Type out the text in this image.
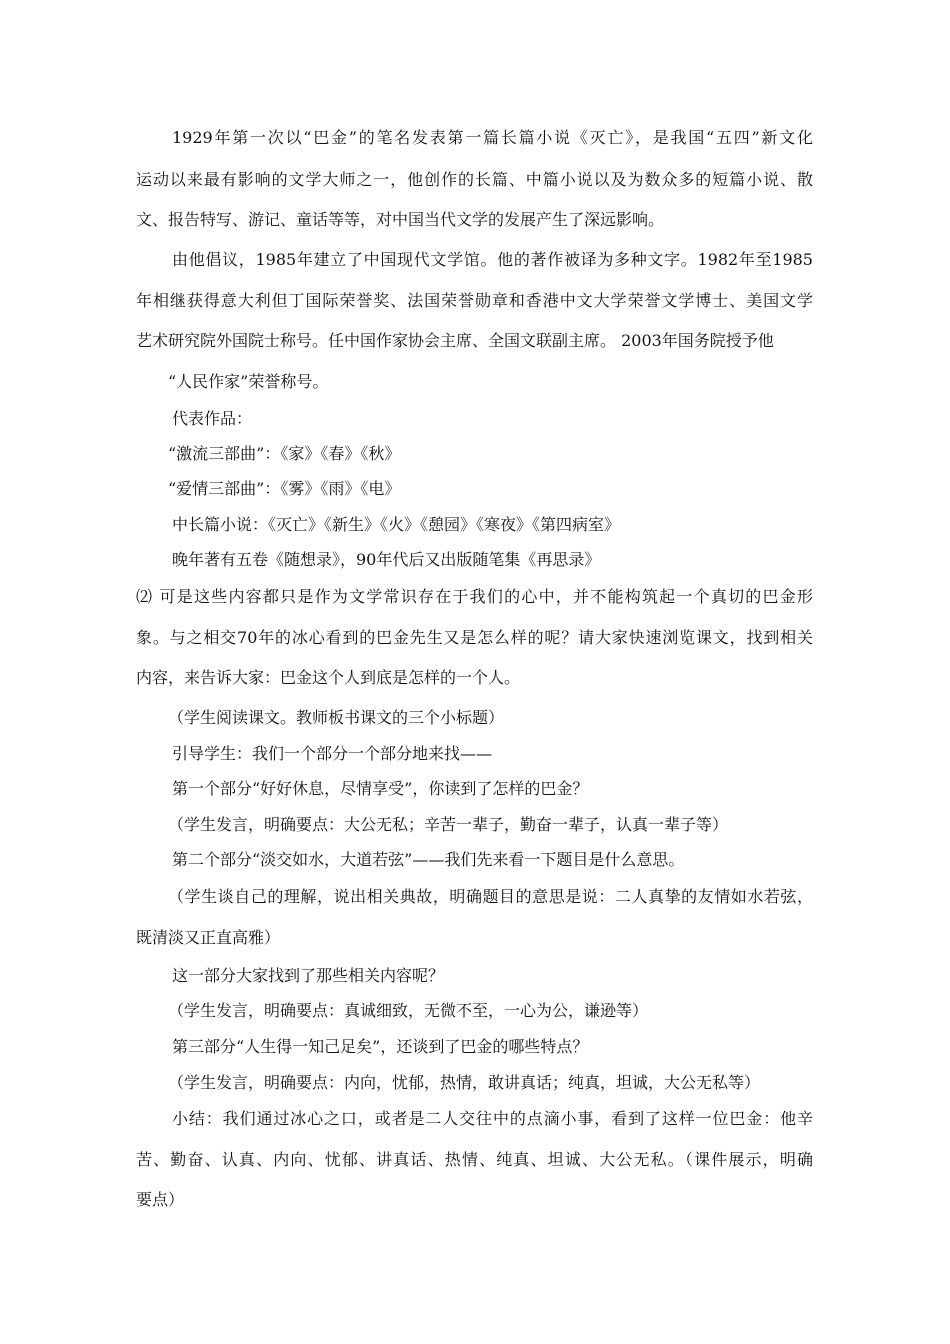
1929年第一次以“巴金”的笔名发表第一篇长篇小说《灭亡》，是我国“五四”新文化
运动以来最有影响的文学大师之一，他创作的长篇、中篇小说以及为数众多的短篇小说、散
文、报告特写、游记、童话等等，对中国当代文学的发展产生了深远影响。
由他倡议，1985年建立了中国现代文学馆。他的著作被译为多种文字。1982年至1985
年相继获得意大利但丁国际荣誉奖、法国荣誉勋章和香港中文大学荣誉文学博士、美国文学
艺术研究院外国院士称号。任中国作家协会主席、全国文联副主席。 2003年国务院授予他
“人民作家”荣誉称号。
代表作品：
“激流三部曲”：《家》《春》《秋》
“爱情三部曲”：《雾》《雨》《电》
中长篇小说：《灭亡》《新生》《火》《憩园》《寒夜》《第四病室》
晚年著有五卷《随想录》，90年代后又出版随笔集《再思录》
⑵ 可是这些内容都只是作为文学常识存在于我们的心中，并不能构筑起一个真切的巴金形
象。与之相交70年的冰心看到的巴金先生又是怎么样的呢？请大家快速浏览课文，找到相关
内容，来告诉大家：巴金这个人到底是怎样的一个人。
（学生阅读课文。教师板书课文的三个小标题）
引导学生：我们一个部分一个部分地来找——
第一个部分“好好休息，尽情享受”，你读到了怎样的巴金？
（学生发言，明确要点：大公无私；辛苦一辈子，勤奋一辈子，认真一辈子等）
第二个部分“淡交如水，大道若弦”——我们先来看一下题目是什么意思。
（学生谈自己的理解，说出相关典故，明确题目的意思是说：二人真挚的友情如水若弦，
既清淡又正直高雅）
这一部分大家找到了那些相关内容呢？
（学生发言，明确要点：真诚细致，无微不至，一心为公，谦逊等）
第三部分“人生得一知己足矣”，还谈到了巴金的哪些特点？
（学生发言，明确要点：内向，忧郁，热情，敢讲真话；纯真，坦诚，大公无私等）
小结：我们通过冰心之口，或者是二人交往中的点滴小事，看到了这样一位巴金：他辛
苦、勤奋、认真、内向、忧郁、讲真话、热情、纯真、坦诚、大公无私。（课件展示，明确
要点）
